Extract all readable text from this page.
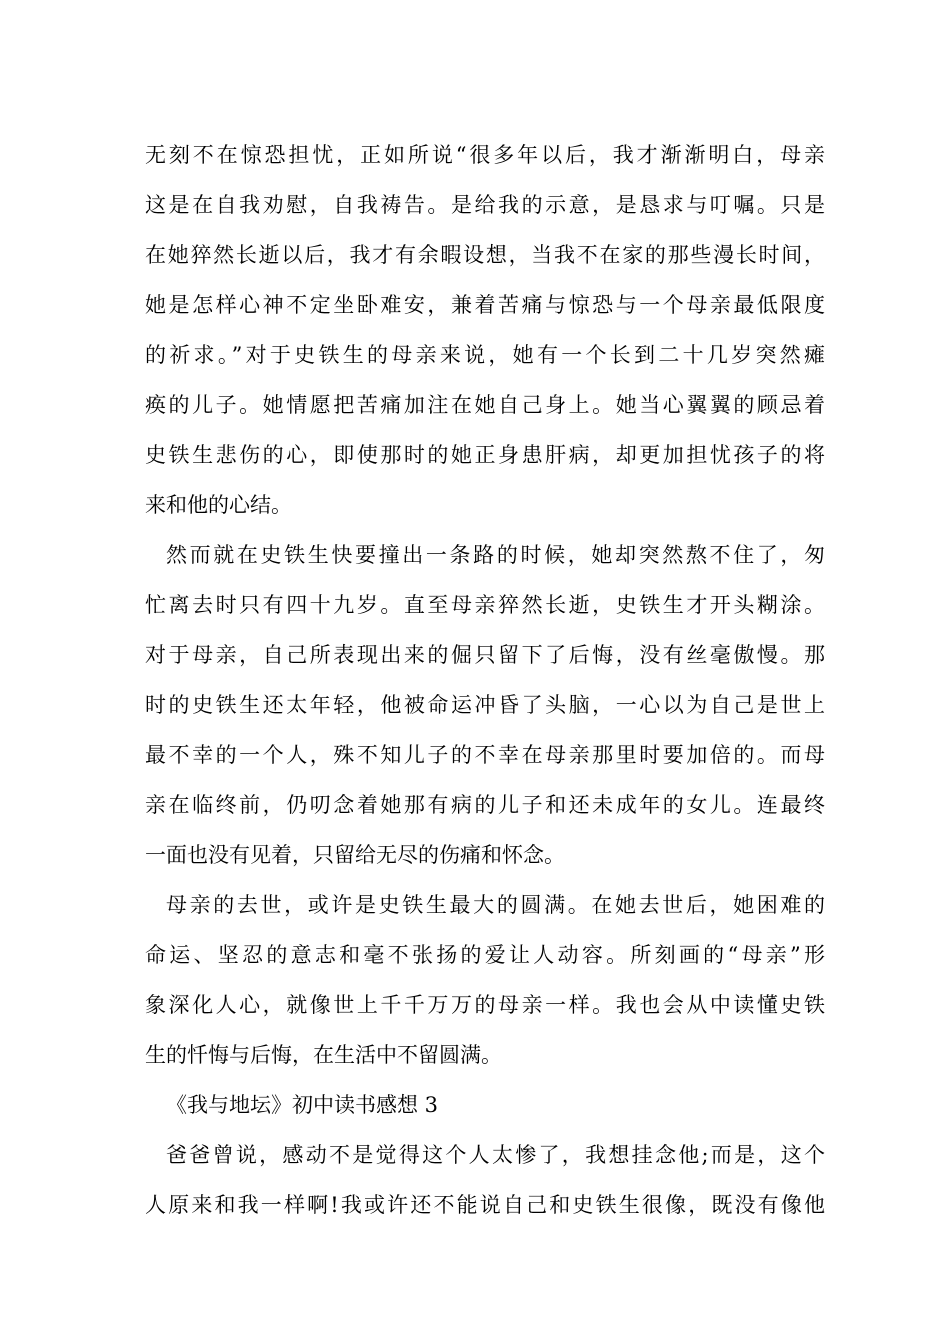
无刻不在惊恐担忧，正如所说“很多年以后，我才渐渐明白，母亲
这是在自我劝慰，自我祷告。是给我的示意，是恳求与叮嘱。只是
在她猝然长逝以后，我才有余暇设想，当我不在家的那些漫长时间，
她是怎样心神不定坐卧难安，兼着苦痛与惊恐与一个母亲最低限度
的祈求。”对于史铁生的母亲来说，她有一个长到二十几岁突然瘫
痪的儿子。她情愿把苦痛加注在她自己身上。她当心翼翼的顾忌着
史铁生悲伤的心，即使那时的她正身患肝病，却更加担忧孩子的将
来和他的心结。
然而就在史铁生快要撞出一条路的时候，她却突然熬不住了，匆
忙离去时只有四十九岁。直至母亲猝然长逝，史铁生才开头糊涂。
对于母亲，自己所表现出来的倔只留下了后悔，没有丝毫傲慢。那
时的史铁生还太年轻，他被命运冲昏了头脑，一心以为自己是世上
最不幸的一个人，殊不知儿子的不幸在母亲那里时要加倍的。而母
亲在临终前，仍叨念着她那有病的儿子和还未成年的女儿。连最终
一面也没有见着，只留给无尽的伤痛和怀念。
母亲的去世，或许是史铁生最大的圆满。在她去世后，她困难的
命运、坚忍的意志和毫不张扬的爱让人动容。所刻画的“母亲”形
象深化人心，就像世上千千万万的母亲一样。我也会从中读懂史铁
生的忏悔与后悔，在生活中不留圆满。
《我与地坛》初中读书感想 3
爸爸曾说，感动不是觉得这个人太惨了，我想挂念他;而是，这个
人原来和我一样啊!我或许还不能说自己和史铁生很像，既没有像他
